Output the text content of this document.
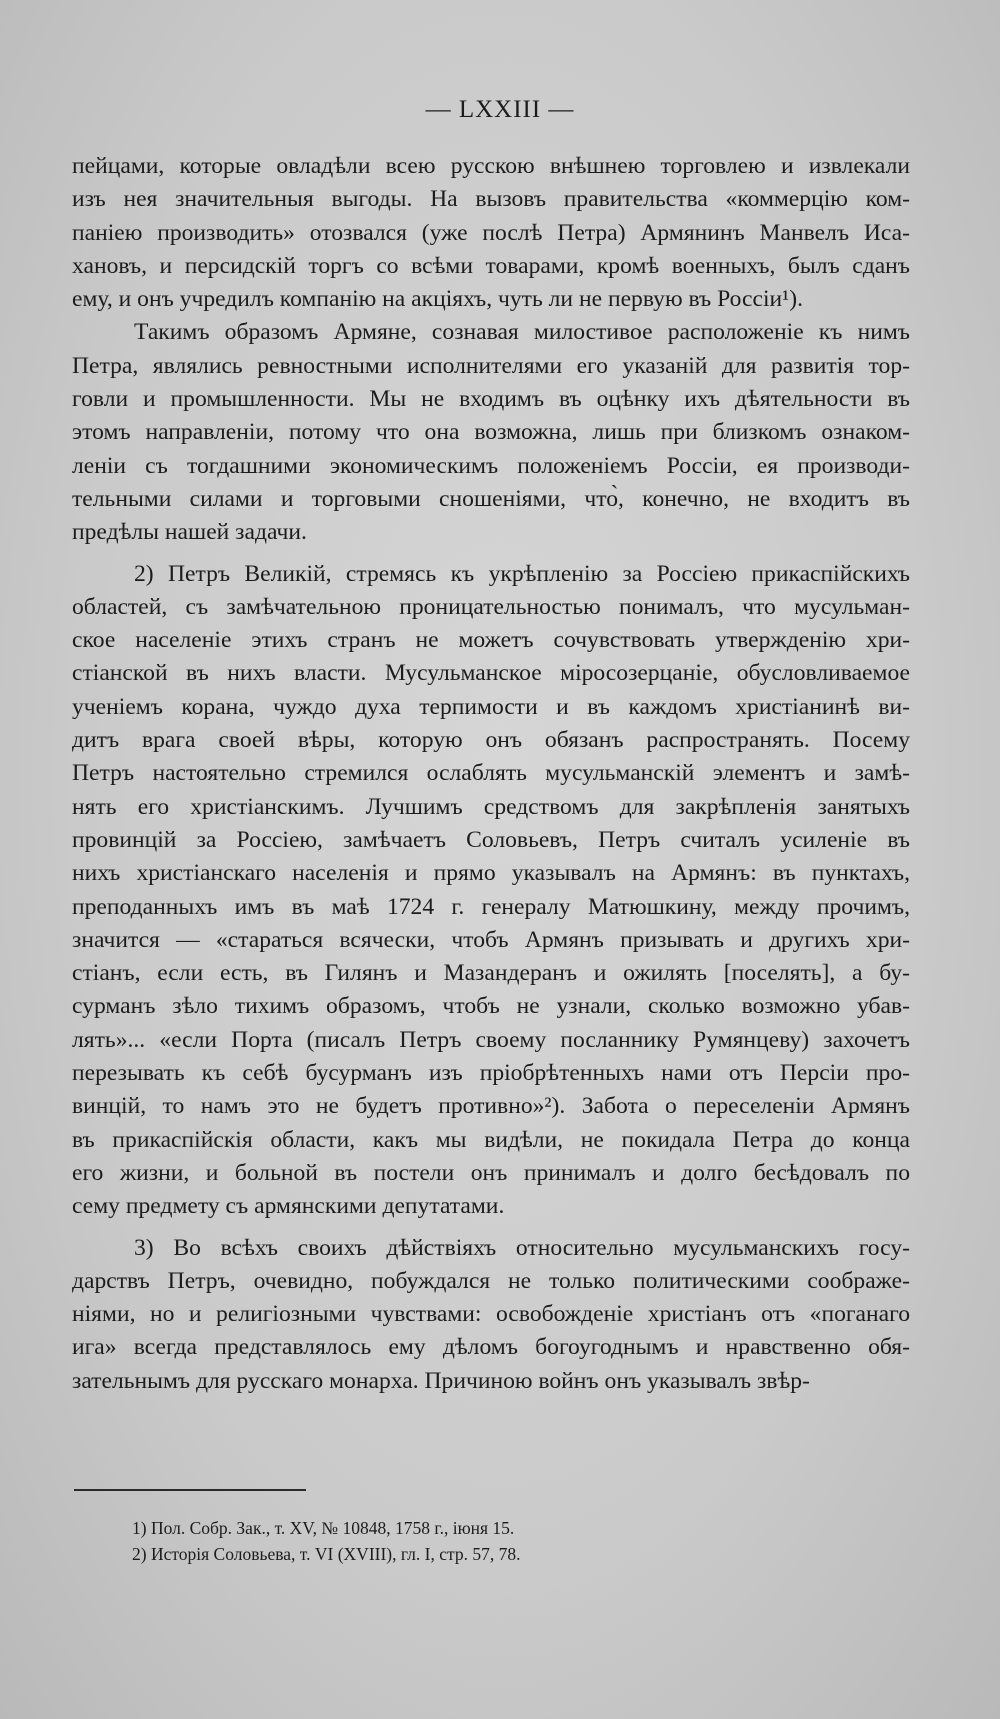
— LXXIII —
пейцами, которые овладѣли всею русскою внѣшнею торговлею и извлекали
изъ нея значительныя выгоды. На вызовъ правительства «коммерцію ком-
паніею производить» отозвался (уже послѣ Петра) Армянинъ Манвелъ Иса-
хановъ, и персидскій торгъ со всѣми товарами, кромѣ военныхъ, былъ сданъ
ему, и онъ учредилъ компанію на акціяхъ, чуть ли не первую въ Россіи¹).
Такимъ образомъ Армяне, сознавая милостивое расположеніе къ нимъ
Петра, являлись ревностными исполнителями его указаній для развитія тор-
говли и промышленности. Мы не входимъ въ оцѣнку ихъ дѣятельности въ
этомъ направленіи, потому что она возможна, лишь при близкомъ ознаком-
леніи съ тогдашними экономическимъ положеніемъ Россіи, ея производи-
тельными силами и торговыми сношеніями, что̀, конечно, не входитъ въ
предѣлы нашей задачи.
2) Петръ Великій, стремясь къ укрѣпленію за Россіею прикаспійскихъ
областей, съ замѣчательною проницательностью понималъ, что мусульман-
ское населеніе этихъ странъ не можетъ сочувствовать утвержденію хри-
стіанской въ нихъ власти. Мусульманское міросозерцаніе, обусловливаемое
ученіемъ корана, чуждо духа терпимости и въ каждомъ христіанинѣ ви-
дитъ врага своей вѣры, которую онъ обязанъ распространять. Посему
Петръ настоятельно стремился ослаблять мусульманскій элементъ и замѣ-
нять его христіанскимъ. Лучшимъ средствомъ для закрѣпленія занятыхъ
провинцій за Россіею, замѣчаетъ Соловьевъ, Петръ считалъ усиленіе въ
нихъ христіанскаго населенія и прямо указывалъ на Армянъ: въ пунктахъ,
преподанныхъ имъ въ маѣ 1724 г. генералу Матюшкину, между прочимъ,
значится — «стараться всячески, чтобъ Армянъ призывать и другихъ хри-
стіанъ, если есть, въ Гилянъ и Мазандеранъ и ожилять [поселять], а бу-
сурманъ зѣло тихимъ образомъ, чтобъ не узнали, сколько возможно убав-
лять»... «если Порта (писалъ Петръ своему посланнику Румянцеву) захочетъ
перезывать къ себѣ бусурманъ изъ пріобрѣтенныхъ нами отъ Персіи про-
винцій, то намъ это не будетъ противно»²). Забота о переселеніи Армянъ
въ прикаспійскія области, какъ мы видѣли, не покидала Петра до конца
его жизни, и больной въ постели онъ принималъ и долго бесѣдовалъ по
сему предмету съ армянскими депутатами.
3) Во всѣхъ своихъ дѣйствіяхъ относительно мусульманскихъ госу-
дарствъ Петръ, очевидно, побуждался не только политическими соображе-
ніями, но и религіозными чувствами: освобожденіе христіанъ отъ «поганаго
ига» всегда представлялось ему дѣломъ богоугоднымъ и нравственно обя-
зательнымъ для русскаго монарха. Причиною войнъ онъ указывалъ звѣр-
1) Пол. Собр. Зак., т. XV, № 10848, 1758 г., іюня 15.
2) Исторія Соловьева, т. VI (XVIII), гл. I, стр. 57, 78.
